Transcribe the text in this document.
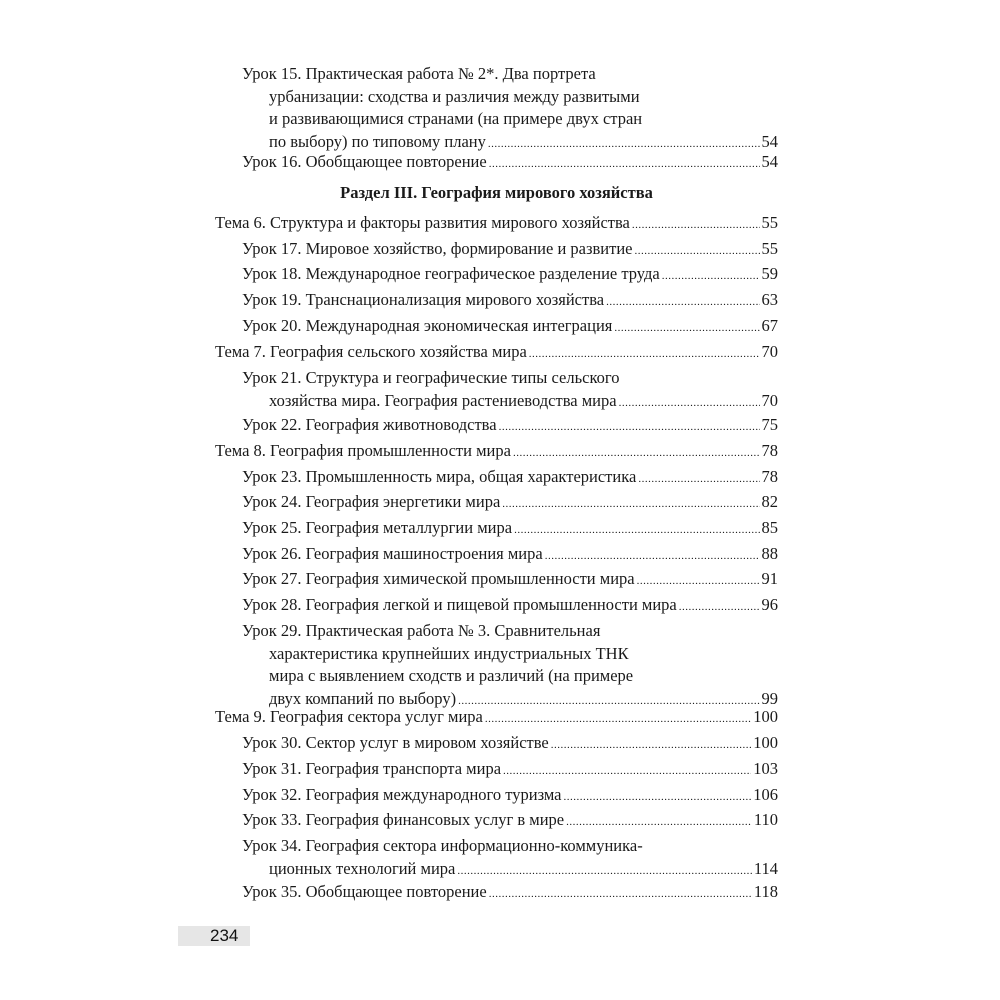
Урок 15. Практическая работа № 2*. Два портрета
урбанизации: сходства и различия между развитыми
и развивающимися странами (на примере двух стран
по выбору) по типовому плану .....	54
Урок 16. Обобщающее повторение .....	54
Раздел III. География мирового хозяйства
Тема 6. Структура и факторы развития мирового хозяйства .....	55
Урок 17. Мировое хозяйство, формирование и развитие .....	55
Урок 18. Международное географическое разделение труда .....	59
Урок 19. Транснационализация мирового хозяйства .....	63
Урок 20. Международная экономическая интеграция .....	67
Тема 7. География сельского хозяйства мира .....	70
Урок 21. Структура и географические типы сельского
хозяйства мира. География растениеводства мира .....	70
Урок 22. География животноводства .....	75
Тема 8. География промышленности мира .....	78
Урок 23. Промышленность мира, общая характеристика .....	78
Урок 24. География энергетики мира .....	82
Урок 25. География металлургии мира .....	85
Урок 26. География машиностроения мира .....	88
Урок 27. География химической промышленности мира .....	91
Урок 28. География легкой и пищевой промышленности мира .....	96
Урок 29. Практическая работа № 3. Сравнительная
характеристика крупнейших индустриальных ТНК
мира с выявлением сходств и различий (на примере
двух компаний по выбору) .....	99
Тема 9. География сектора услуг мира .....	100
Урок 30. Сектор услуг в мировом хозяйстве .....	100
Урок 31. География транспорта мира .....	103
Урок 32. География международного туризма .....	106
Урок 33. География финансовых услуг в мире .....	110
Урок 34. География сектора информационно-коммуника-
ционных технологий мира .....	114
Урок 35. Обобщающее повторение .....	118
234
